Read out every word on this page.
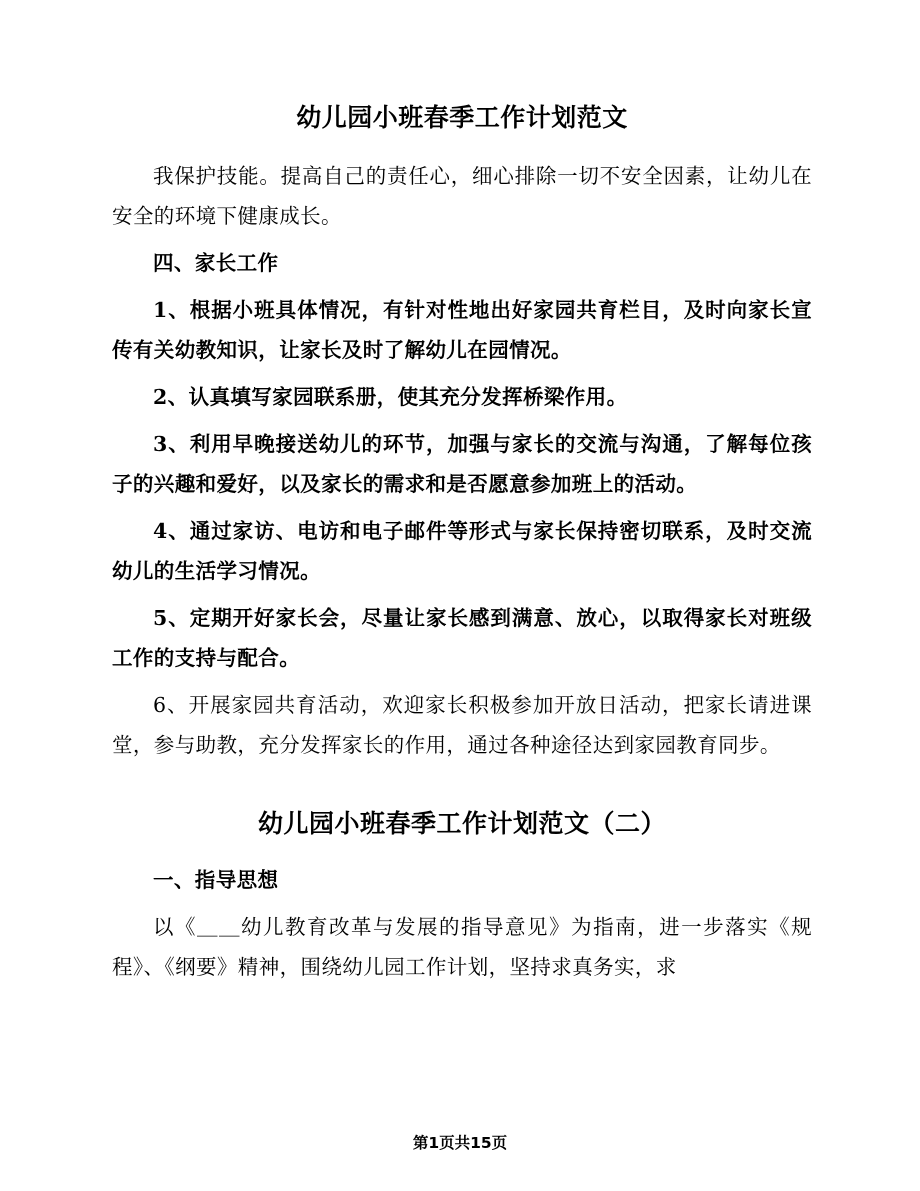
幼儿园小班春季工作计划范文

我保护技能。提高自己的责任心，细心排除一切不安全因素，让幼儿在安全的环境下健康成长。

四、家长工作

1、根据小班具体情况，有针对性地出好家园共育栏目，及时向家长宣传有关幼教知识，让家长及时了解幼儿在园情况。

2、认真填写家园联系册，使其充分发挥桥梁作用。

3、利用早晚接送幼儿的环节，加强与家长的交流与沟通，了解每位孩子的兴趣和爱好，以及家长的需求和是否愿意参加班上的活动。

4、通过家访、电访和电子邮件等形式与家长保持密切联系，及时交流幼儿的生活学习情况。

5、定期开好家长会，尽量让家长感到满意、放心，以取得家长对班级工作的支持与配合。

6、开展家园共育活动，欢迎家长积极参加开放日活动，把家长请进课堂，参与助教，充分发挥家长的作用，通过各种途径达到家园教育同步。

幼儿园小班春季工作计划范文（二）

一、指导思想

以《＿＿幼儿教育改革与发展的指导意见》为指南，进一步落实《规程》、《纲要》精神，围绕幼儿园工作计划，坚持求真务实，求

第1页共15页
